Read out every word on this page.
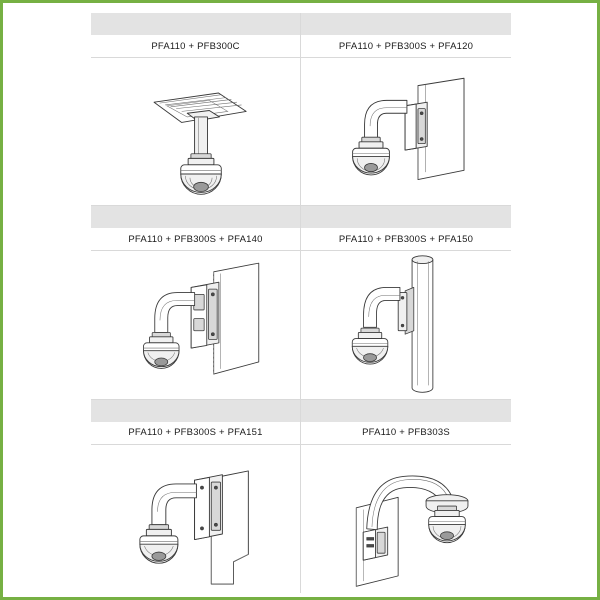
PFA110 + PFB300C	PFA110 + PFB300S + PFA120
PFA110 + PFB300S + PFA140	PFA110 + PFB300S + PFA150
PFA110 + PFB300S + PFA151	PFA110 + PFB303S
